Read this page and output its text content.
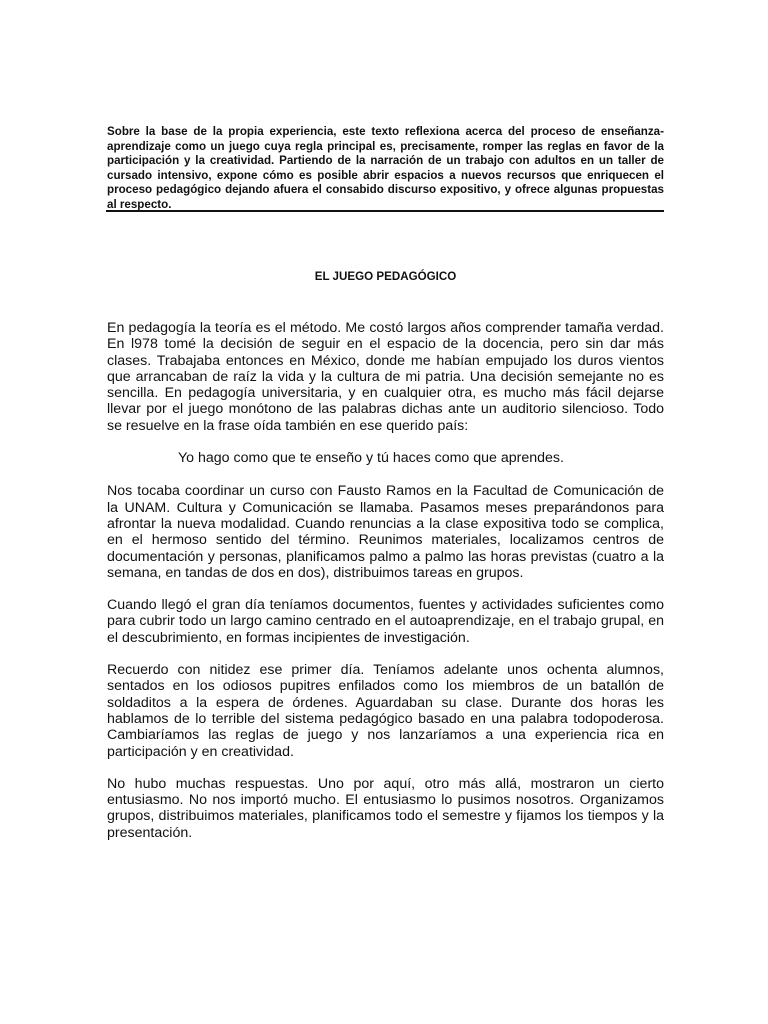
Sobre la base de la propia experiencia, este texto reflexiona acerca del proceso de enseñanza-aprendizaje como un juego cuya regla principal es, precisamente, romper las reglas en favor de la participación y la creatividad. Partiendo de la narración de un trabajo con adultos en un taller de cursado intensivo, expone cómo es posible abrir espacios a nuevos recursos que enriquecen el proceso pedagógico dejando afuera el consabido discurso expositivo, y ofrece algunas propuestas al respecto.

EL JUEGO PEDAGÓGICO

En pedagogía la teoría es el método. Me costó largos años comprender tamaña verdad. En l978 tomé la decisión de seguir en el espacio de la docencia, pero sin dar más clases. Trabajaba entonces en México, donde me habían empujado los duros vientos que arrancaban de raíz la vida y la cultura de mi patria. Una decisión semejante no es sencilla. En pedagogía universitaria, y en cualquier otra, es mucho más fácil dejarse llevar por el juego monótono de las palabras dichas ante un auditorio silencioso. Todo se resuelve en la frase oída también en ese querido país:

Yo hago como que te enseño y tú haces como que aprendes.

Nos tocaba coordinar un curso con Fausto Ramos en la Facultad de Comunicación de la UNAM. Cultura y Comunicación se llamaba. Pasamos meses preparándonos para afrontar la nueva modalidad. Cuando renuncias a la clase expositiva todo se complica, en el hermoso sentido del término. Reunimos materiales, localizamos centros de documentación y personas, planificamos palmo a palmo las horas previstas (cuatro a la semana, en tandas de dos en dos), distribuimos tareas en grupos.

Cuando llegó el gran día teníamos documentos, fuentes y actividades suficientes como para cubrir todo un largo camino centrado en el autoaprendizaje, en el trabajo grupal, en el descubrimiento, en formas incipientes de investigación.

Recuerdo con nitidez ese primer día. Teníamos adelante unos ochenta alumnos, sentados en los odiosos pupitres enfilados como los miembros de un batallón de soldaditos a la espera de órdenes. Aguardaban su clase. Durante dos horas les hablamos de lo terrible del sistema pedagógico basado en una palabra todopoderosa. Cambiaríamos las reglas de juego y nos lanzaríamos a una experiencia rica en participación y en creatividad.

No hubo muchas respuestas. Uno por aquí, otro más allá, mostraron un cierto entusiasmo. No nos importó mucho. El entusiasmo lo pusimos nosotros. Organizamos grupos, distribuimos materiales, planificamos todo el semestre y fijamos los tiempos y la presentación.
